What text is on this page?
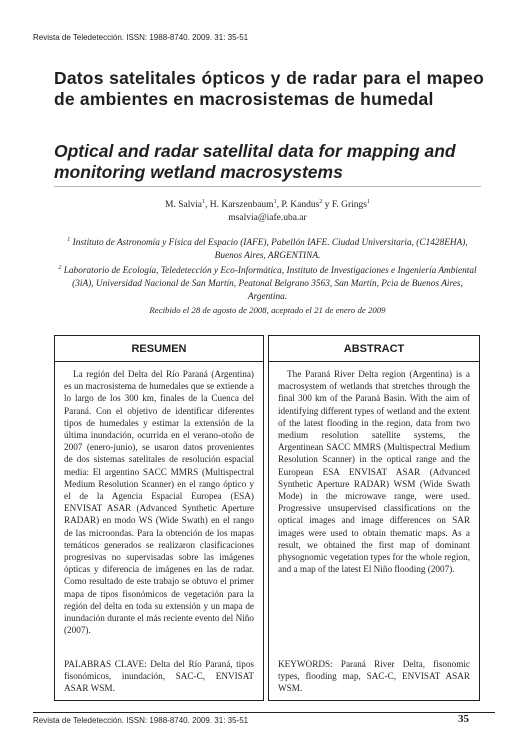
Revista de Teledetección. ISSN: 1988-8740. 2009. 31: 35-51
Datos satelitales ópticos y de radar para el mapeo de ambientes en macrosistemas de humedal
Optical and radar satellital data for mapping and monitoring wetland macrosystems
M. Salvia$^1$, H. Karszenbaum$^1$, P. Kandus$^2$ y F. Grings$^1$
msalvia@iafe.uba.ar

$^1$ Instituto de Astronomía y Física del Espacio (IAFE), Pabellón IAFE. Ciudad Universitaria, (C1428EHA), Buenos Aires, ARGENTINA.

$^2$ Laboratorio de Ecología, Teledetección y Eco-Informática, Instituto de Investigaciones e Ingeniería Ambiental (3iA), Universidad Nacional de San Martín, Peatonal Belgrano 3563, San Martín, Pcia de Buenos Aires, Argentina.

Recibido el 28 de agosto de 2008, aceptado el 21 de enero de 2009
RESUMEN

La región del Delta del Río Paraná (Argentina) es un macrosistema de humedales que se extiende a lo largo de los 300 km, finales de la Cuenca del Paraná. Con el objetivo de identificar diferentes tipos de humedales y estimar la extensión de la última inundación, ocurrida en el verano-otoño de 2007 (enero-junio), se usaron datos provenientes de dos sistemas satelitales de resolución espacial media: El argentino SACC MMRS (Multispectral Medium Resolution Scanner) en el rango óptico y el de la Agencia Espacial Europea (ESA) ENVISAT ASAR (Advanced Synthetic Aperture RADAR) en modo WS (Wide Swath) en el rango de las microondas. Para la obtención de los mapas temáticos generados se realizaron clasificaciones progresivas no supervisadas sobre las imágenes ópticas y diferencia de imágenes en las de radar. Como resultado de este trabajo se obtuvo el primer mapa de tipos fisonómicos de vegetación para la región del delta en toda su extensión y un mapa de inundación durante el más reciente evento del Niño (2007).

PALABRAS CLAVE: Delta del Río Paraná, tipos fisonómicos, inundación, SAC-C, ENVISAT ASAR WSM.
ABSTRACT

The Paraná River Delta region (Argentina) is a macrosystem of wetlands that stretches through the final 300 km of the Paraná Basin. With the aim of identifying different types of wetland and the extent of the latest flooding in the region, data from two medium resolution satellite systems, the Argentinean SACC MMRS (Multispectral Medium Resolution Scanner) in the optical range and the European ESA ENVISAT ASAR (Advanced Synthetic Aperture RADAR) WSM (Wide Swath Mode) in the microwave range, were used. Progressive unsupervised classifications on the optical images and image differences on SAR images were used to obtain thematic maps. As a result, we obtained the first map of dominant physognomic vegetation types for the whole region, and a map of the latest El Niño flooding (2007).

KEYWORDS: Paraná River Delta, fisonomic types, flooding map, SAC-C, ENVISAT ASAR WSM.
Revista de Teledetección. ISSN: 1988-8740. 2009. 31: 35-51	35
